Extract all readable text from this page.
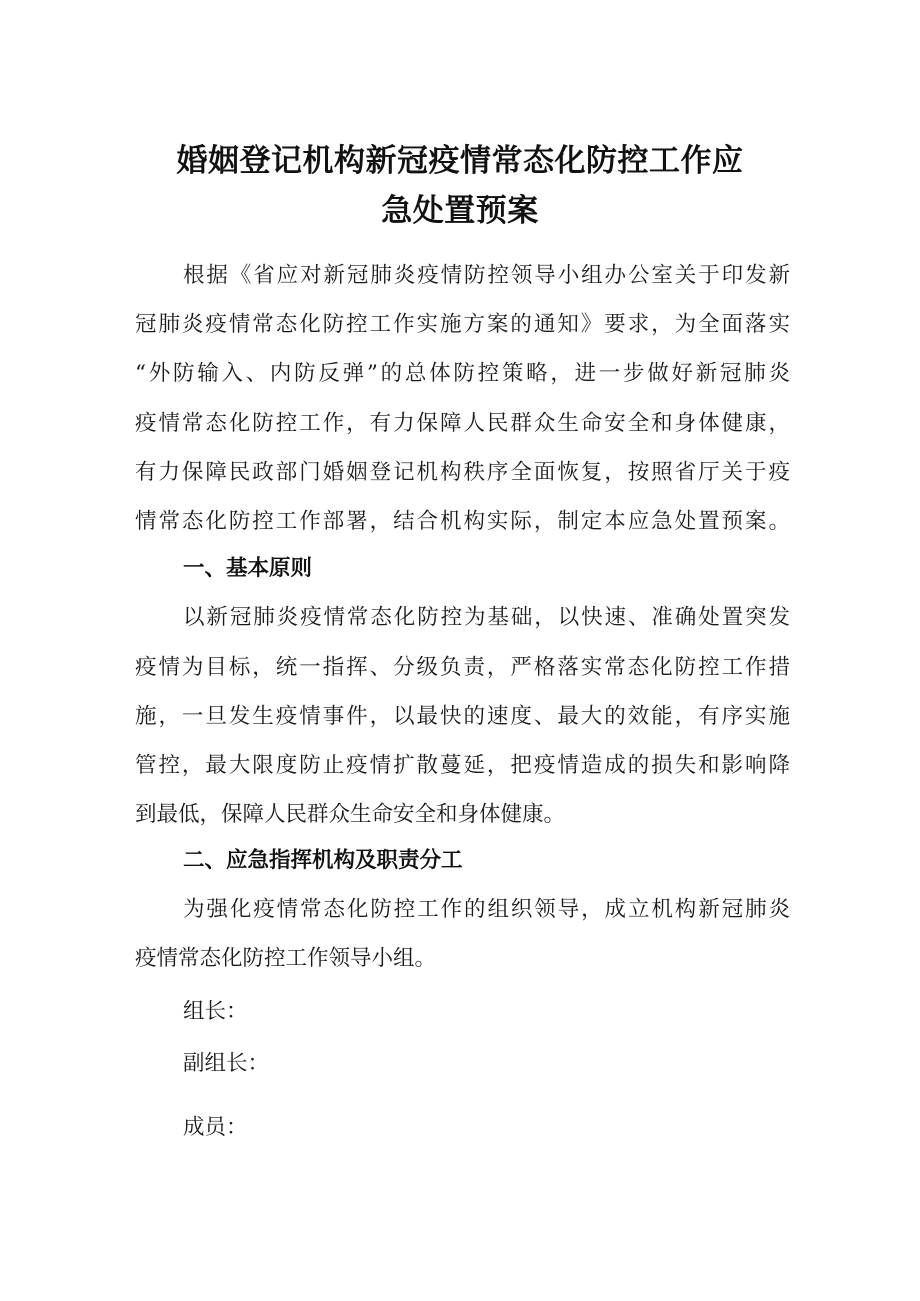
婚姻登记机构新冠疫情常态化防控工作应
急处置预案

根据《省应对新冠肺炎疫情防控领导小组办公室关于印发新

冠肺炎疫情常态化防控工作实施方案的通知》要求，为全面落实

“外防输入、内防反弹”的总体防控策略，进一步做好新冠肺炎

疫情常态化防控工作，有力保障人民群众生命安全和身体健康，

有力保障民政部门婚姻登记机构秩序全面恢复，按照省厅关于疫

情常态化防控工作部署，结合机构实际，制定本应急处置预案。

一、基本原则

以新冠肺炎疫情常态化防控为基础，以快速、准确处置突发

疫情为目标，统一指挥、分级负责，严格落实常态化防控工作措

施，一旦发生疫情事件，以最快的速度、最大的效能，有序实施

管控，最大限度防止疫情扩散蔓延，把疫情造成的损失和影响降

到最低，保障人民群众生命安全和身体健康。

二、应急指挥机构及职责分工

为强化疫情常态化防控工作的组织领导，成立机构新冠肺炎

疫情常态化防控工作领导小组。

组长：

副组长：

成员：
